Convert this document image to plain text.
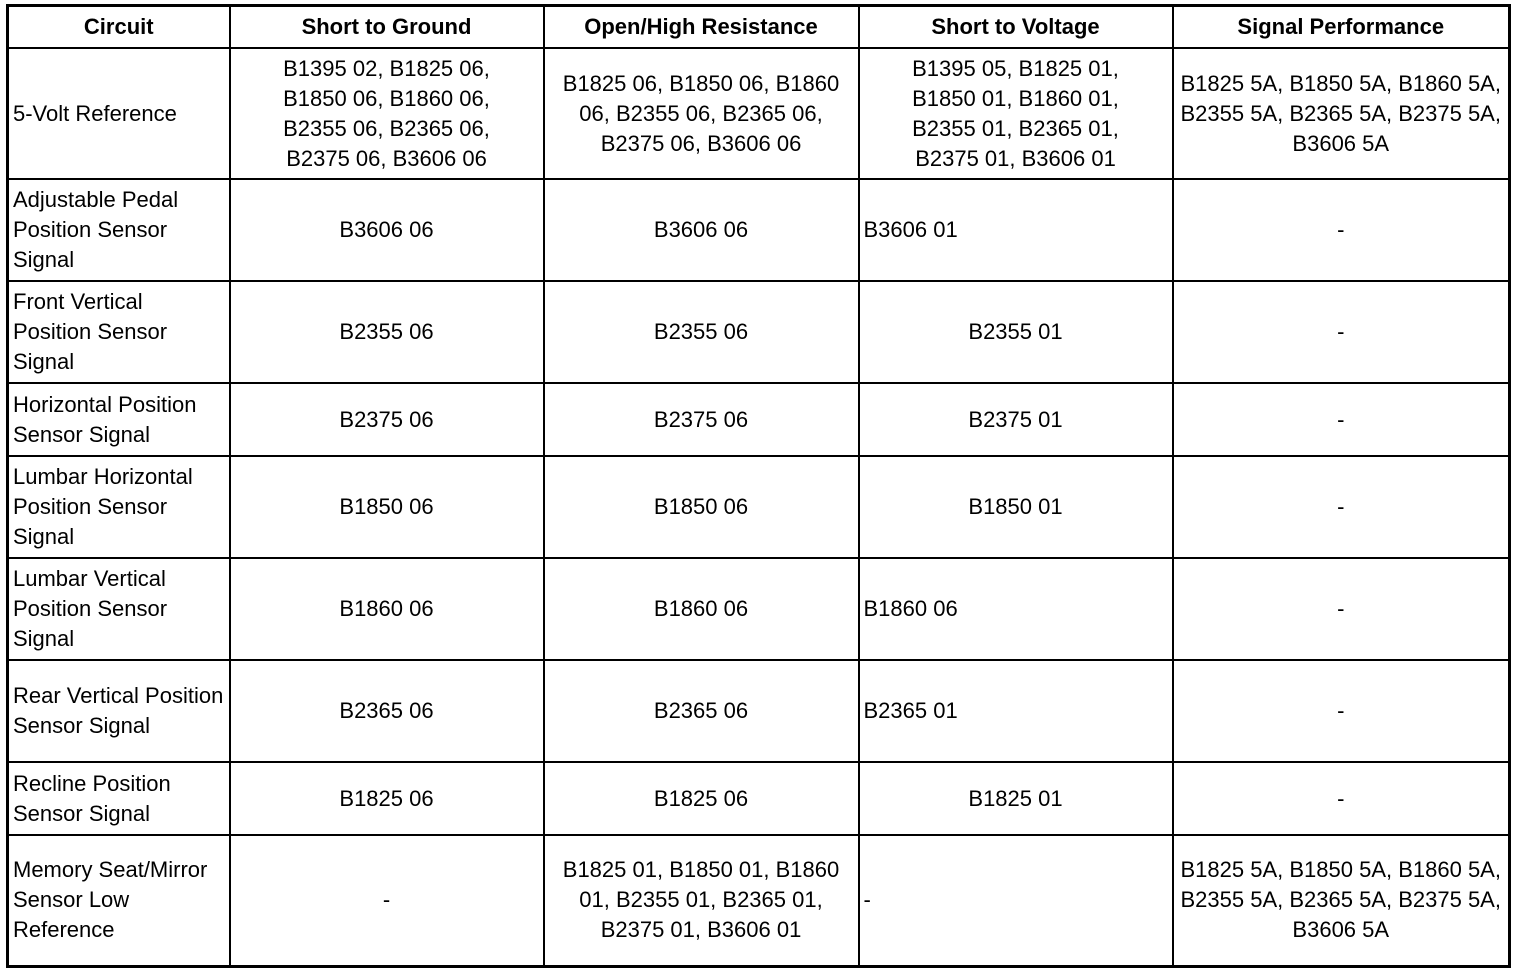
Circuit	Short to Ground	Open/High Resistance	Short to Voltage	Signal Performance
5-Volt Reference	B1395 02, B1825 06, B1850 06, B1860 06, B2355 06, B2365 06, B2375 06, B3606 06	B1825 06, B1850 06, B1860 06, B2355 06, B2365 06, B2375 06, B3606 06	B1395 05, B1825 01, B1850 01, B1860 01, B2355 01, B2365 01, B2375 01, B3606 01	B1825 5A, B1850 5A, B1860 5A, B2355 5A, B2365 5A, B2375 5A, B3606 5A
Adjustable Pedal Position Sensor Signal	B3606 06	B3606 06	B3606 01	-
Front Vertical Position Sensor Signal	B2355 06	B2355 06	B2355 01	-
Horizontal Position Sensor Signal	B2375 06	B2375 06	B2375 01	-
Lumbar Horizontal Position Sensor Signal	B1850 06	B1850 06	B1850 01	-
Lumbar Vertical Position Sensor Signal	B1860 06	B1860 06	B1860 06	-
Rear Vertical Position Sensor Signal	B2365 06	B2365 06	B2365 01	-
Recline Position Sensor Signal	B1825 06	B1825 06	B1825 01	-
Memory Seat/Mirror Sensor Low Reference	-	B1825 01, B1850 01, B1860 01, B2355 01, B2365 01, B2375 01, B3606 01	-	B1825 5A, B1850 5A, B1860 5A, B2355 5A, B2365 5A, B2375 5A, B3606 5A
